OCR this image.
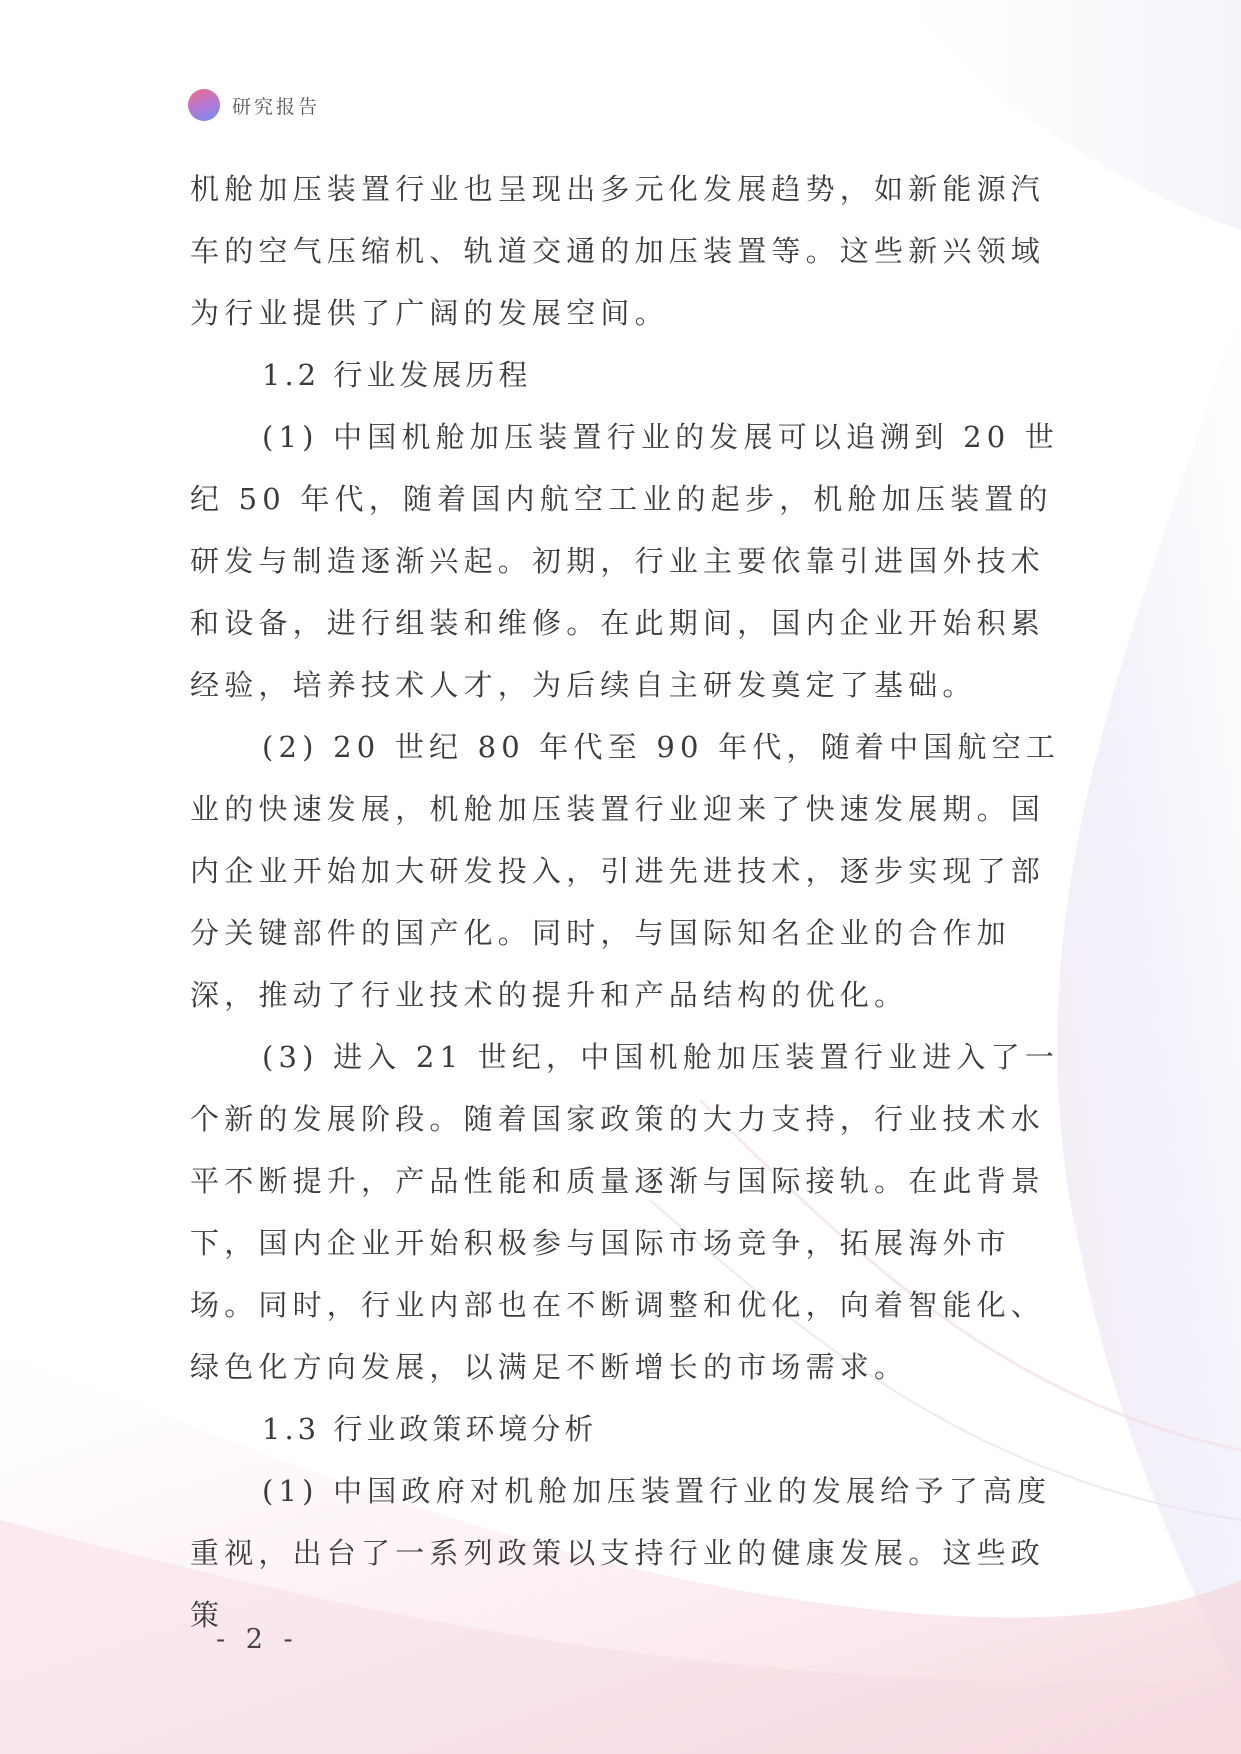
研究报告

机舱加压装置行业也呈现出多元化发展趋势，如新能源汽车的空气压缩机、轨道交通的加压装置等。这些新兴领域为行业提供了广阔的发展空间。

1.2 行业发展历程

(1) 中国机舱加压装置行业的发展可以追溯到 20 世纪 50 年代，随着国内航空工业的起步，机舱加压装置的研发与制造逐渐兴起。初期，行业主要依靠引进国外技术和设备，进行组装和维修。在此期间，国内企业开始积累经验，培养技术人才，为后续自主研发奠定了基础。

(2) 20 世纪 80 年代至 90 年代，随着中国航空工业的快速发展，机舱加压装置行业迎来了快速发展期。国内企业开始加大研发投入，引进先进技术，逐步实现了部分关键部件的国产化。同时，与国际知名企业的合作加深，推动了行业技术的提升和产品结构的优化。

(3) 进入 21 世纪，中国机舱加压装置行业进入了一个新的发展阶段。随着国家政策的大力支持，行业技术水平不断提升，产品性能和质量逐渐与国际接轨。在此背景下，国内企业开始积极参与国际市场竞争，拓展海外市场。同时，行业内部也在不断调整和优化，向着智能化、绿色化方向发展，以满足不断增长的市场需求。

1.3 行业政策环境分析

(1) 中国政府对机舱加压装置行业的发展给予了高度重视，出台了一系列政策以支持行业的健康发展。这些政策

- 2 -
